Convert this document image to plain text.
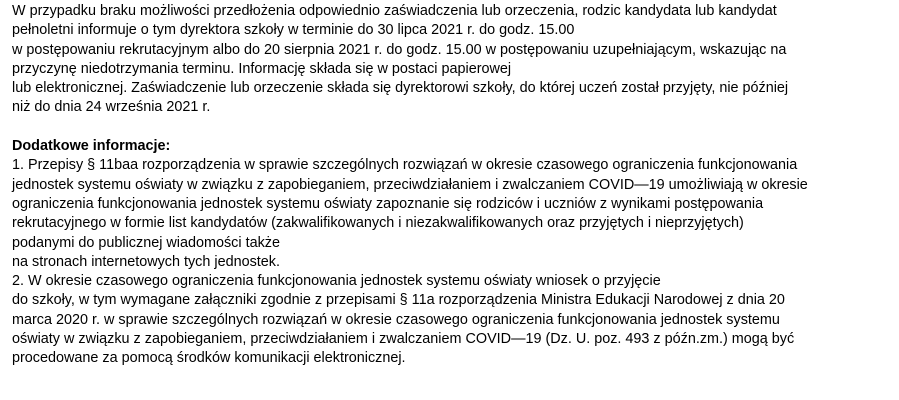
W przypadku braku możliwości przedłożenia odpowiednio zaświadczenia lub orzeczenia, rodzic kandydata lub kandydat
pełnoletni informuje o tym dyrektora szkoły w terminie do 30 lipca 2021 r. do godz. 15.00
w postępowaniu rekrutacyjnym albo do 20 sierpnia 2021 r. do godz. 15.00 w postępowaniu uzupełniającym, wskazując na
przyczynę niedotrzymania terminu. Informację składa się w postaci papierowej
lub elektronicznej. Zaświadczenie lub orzeczenie składa się dyrektorowi szkoły, do której uczeń został przyjęty, nie później
niż do dnia 24 września 2021 r.
Dodatkowe informacje:
1. Przepisy § 11baa rozporządzenia w sprawie szczególnych rozwiązań w okresie czasowego ograniczenia funkcjonowania
jednostek systemu oświaty w związku z zapobieganiem, przeciwdziałaniem i zwalczaniem COVID—19 umożliwiają w okresie
ograniczenia funkcjonowania jednostek systemu oświaty zapoznanie się rodziców i uczniów z wynikami postępowania
rekrutacyjnego w formie list kandydatów (zakwalifikowanych i niezakwalifikowanych oraz przyjętych i nieprzyjętych)
podanymi do publicznej wiadomości także
na stronach internetowych tych jednostek.
2. W okresie czasowego ograniczenia funkcjonowania jednostek systemu oświaty wniosek o przyjęcie
do szkoły, w tym wymagane załączniki zgodnie z przepisami § 11a rozporządzenia Ministra Edukacji Narodowej z dnia 20
marca 2020 r. w sprawie szczególnych rozwiązań w okresie czasowego ograniczenia funkcjonowania jednostek systemu
oświaty w związku z zapobieganiem, przeciwdziałaniem i zwalczaniem COVID—19 (Dz. U. poz. 493 z późn.zm.) mogą być
procedowane za pomocą środków komunikacji elektronicznej.
